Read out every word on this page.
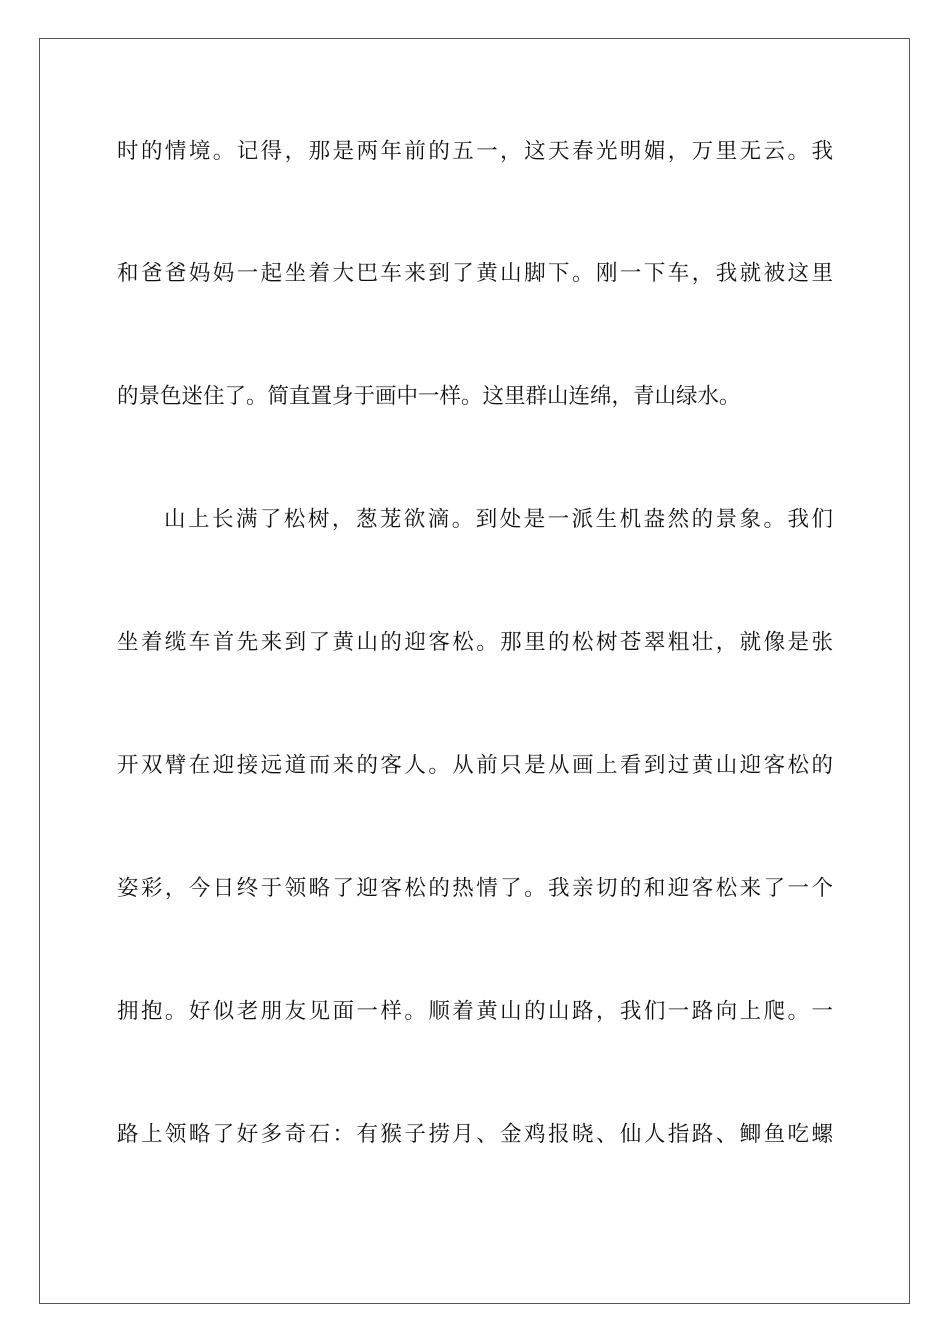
时的情境。记得，那是两年前的五一，这天春光明媚，万里无云。我
和爸爸妈妈一起坐着大巴车来到了黄山脚下。刚一下车，我就被这里
的景色迷住了。简直置身于画中一样。这里群山连绵，青山绿水。
山上长满了松树，葱茏欲滴。到处是一派生机盎然的景象。我们
坐着缆车首先来到了黄山的迎客松。那里的松树苍翠粗壮，就像是张
开双臂在迎接远道而来的客人。从前只是从画上看到过黄山迎客松的
姿彩，今日终于领略了迎客松的热情了。我亲切的和迎客松来了一个
拥抱。好似老朋友见面一样。顺着黄山的山路，我们一路向上爬。一
路上领略了好多奇石：有猴子捞月、金鸡报晓、仙人指路、鲫鱼吃螺
